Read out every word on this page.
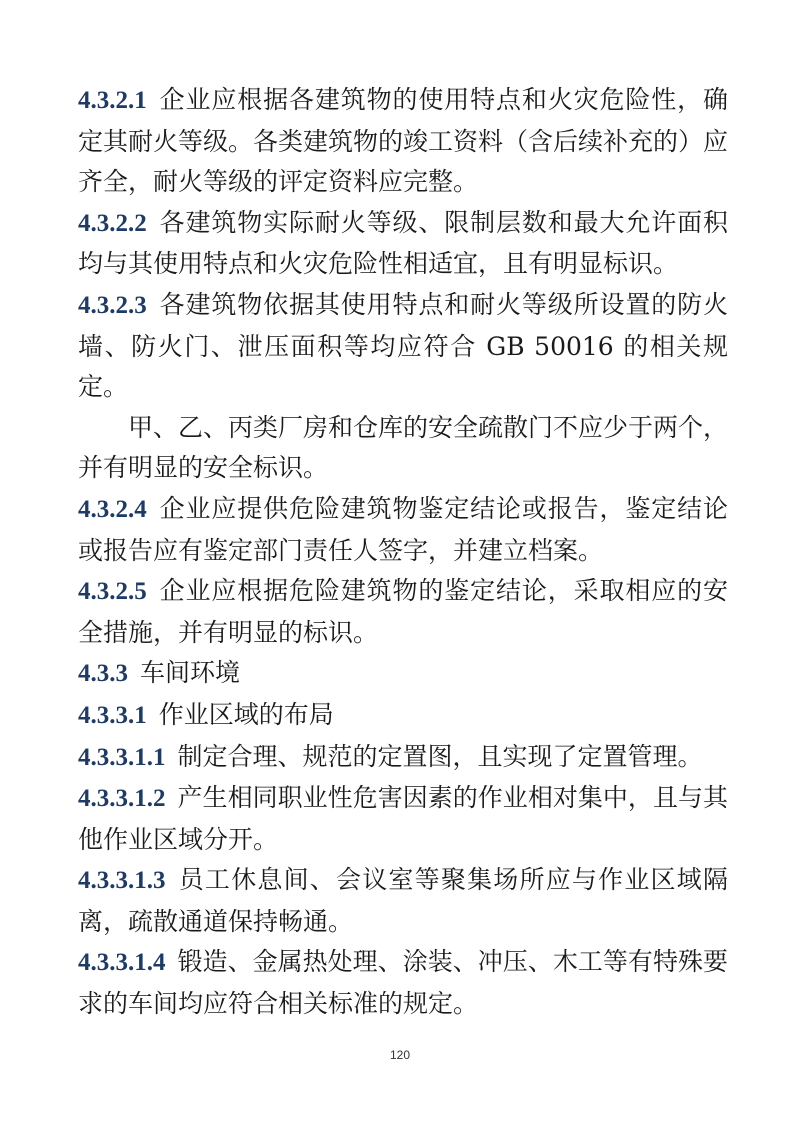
4.3.2.1 企业应根据各建筑物的使用特点和火灾危险性，确定其耐火等级。各类建筑物的竣工资料（含后续补充的）应齐全，耐火等级的评定资料应完整。

4.3.2.2 各建筑物实际耐火等级、限制层数和最大允许面积均与其使用特点和火灾危险性相适宜，且有明显标识。

4.3.2.3 各建筑物依据其使用特点和耐火等级所设置的防火墙、防火门、泄压面积等均应符合 GB 50016 的相关规定。

甲、乙、丙类厂房和仓库的安全疏散门不应少于两个，并有明显的安全标识。

4.3.2.4 企业应提供危险建筑物鉴定结论或报告，鉴定结论或报告应有鉴定部门责任人签字，并建立档案。

4.3.2.5 企业应根据危险建筑物的鉴定结论，采取相应的安全措施，并有明显的标识。

4.3.3 车间环境

4.3.3.1 作业区域的布局

4.3.3.1.1 制定合理、规范的定置图，且实现了定置管理。

4.3.3.1.2 产生相同职业性危害因素的作业相对集中，且与其他作业区域分开。

4.3.3.1.3 员工休息间、会议室等聚集场所应与作业区域隔离，疏散通道保持畅通。

4.3.3.1.4 锻造、金属热处理、涂装、冲压、木工等有特殊要求的车间均应符合相关标准的规定。

120
